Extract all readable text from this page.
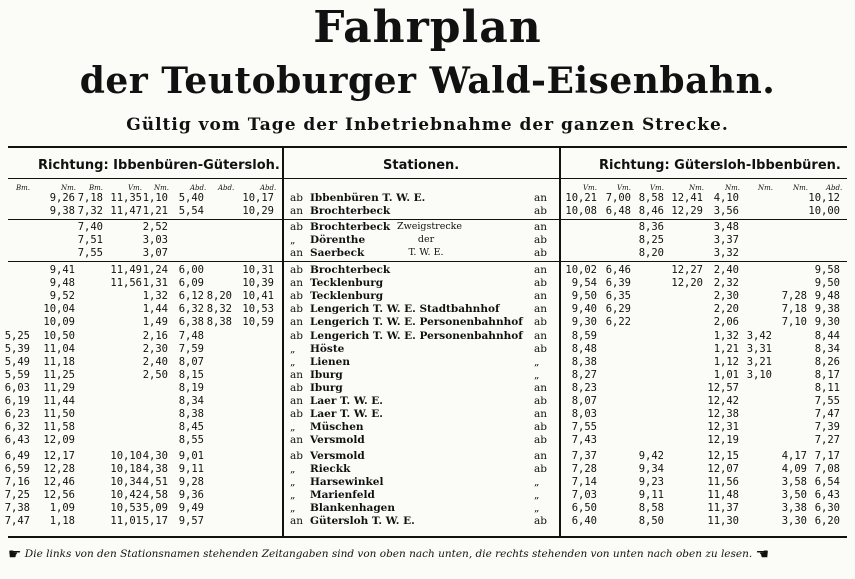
Fahrplan
der Teutoburger Wald-Eisenbahn.
Gültig vom Tage der Inbetriebnahme der ganzen Strecke.
Richtung: Ibbenbüren-Gütersloh.	Stationen.	Richtung: Gütersloh-Ibbenbüren.
Bm.	Nm. Bm.	Vm. Nm.	Abd. Abd.	Abd.	Vm.	Vm.	Vm.	Nm.	Nm.	Nm.	Nm.	Abd.
Zweigstrecke
der
T. W. E.
9,26 7,18 11,35 1,10 5,40	10,17 ab Ibbenbüren T. W. E.	an 10,21 7,00 8,58 12,41 4,10	10,12
9,38 7,32 11,47 1,21 5,54	10,29 an Brochterbeck	ab 10,08 6,48 8,46 12,29 3,56	10,00
7,40	2,52	ab Brochterbeck	an	8,36	3,48
7,51	3,03	„ Dörenthe	ab	8,25	3,37
7,55	3,07	an Saerbeck	ab	8,20	3,32
9,41	11,49 1,24 6,00	10,31 ab Brochterbeck	an 10,02 6,46	12,27 2,40	9,58
9,48	11,56 1,31 6,09	10,39 an Tecklenburg	ab 9,54 6,39	12,20 2,32	9,50
9,52	1,32 6,12 8,20 10,41 ab Tecklenburg	an 9,50 6,35	2,30	7,28 9,48
10,04	1,44 6,32 8,32 10,53 ab Lengerich T. W. E. Stadtbahnhof	an 9,40 6,29	2,20	7,18 9,38
10,09	1,49 6,38 8,38 10,59 an Lengerich T. W. E. Personenbahnhof ab 9,30 6,22	2,06	7,10 9,30
5,25 10,50	2,16 7,48	ab Lengerich T. W. E. Personenbahnhof an 8,59	1,32 3,42	8,44
5,39 11,04	2,30 7,59	„ Höste	ab 8,48	1,21 3,31	8,34
5,49 11,18	2,40 8,07	„ Lienen	„	8,38	1,12 3,21	8,26
5,59 11,25	2,50 8,15	an Iburg	„	8,27	1,01 3,10	8,17
6,03 11,29	8,19	ab Iburg	an 8,23	12,57	8,11
6,19 11,44	8,34	an Laer T. W. E.	ab 8,07	12,42	7,55
6,23 11,50	8,38	ab Laer T. W. E.	an 8,03	12,38	7,47
6,32 11,58	8,45	„ Müschen	ab 7,55	12,31	7,39
6,43 12,09	8,55	an Versmold	ab 7,43	12,19	7,27
6,49 12,17	10,10 4,30 9,01	ab Versmold	an 7,37	9,42	12,15	4,17 7,17
6,59 12,28	10,18 4,38 9,11	„ Rieckk	ab 7,28	9,34	12,07	4,09 7,08
7,16 12,46	10,34 4,51 9,28	„ Harsewinkel	„	7,14	9,23	11,56	3,58 6,54
7,25 12,56	10,42 4,58 9,36	„ Marienfeld	„	7,03	9,11	11,48	3,50 6,43
7,38 1,09	10,53 5,09 9,49	„ Blankenhagen	„	6,50	8,58	11,37	3,38 6,30
7,47 1,18	11,01 5,17 9,57	an Gütersloh T. W. E.	ab 6,40	8,50	11,30	3,30 6,20
☛ Die links von den Stationsnamen stehenden Zeitangaben sind von oben nach unten, die rechts stehenden von unten nach oben zu lesen. ☚
